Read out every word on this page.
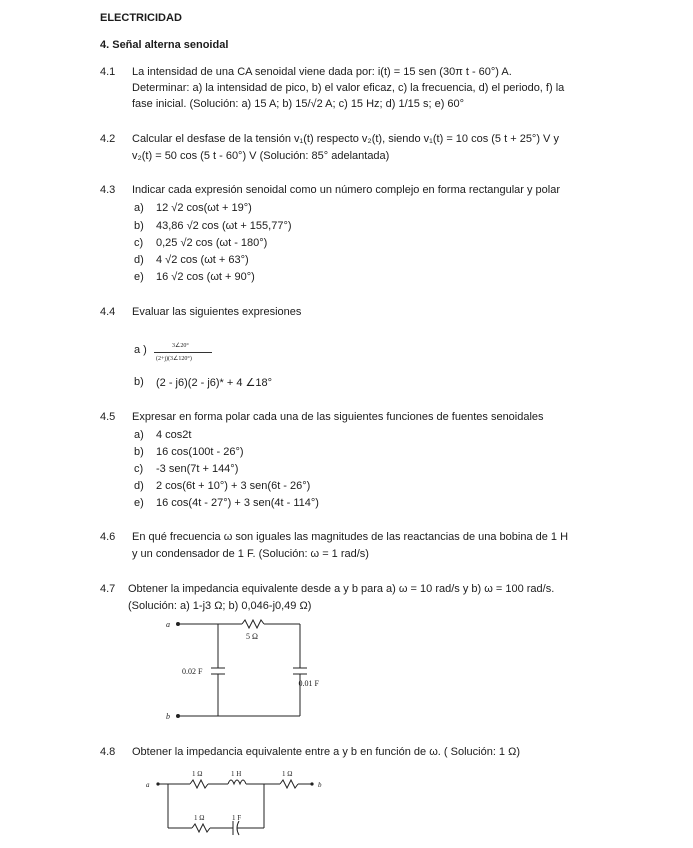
ELECTRICIDAD
4. Señal alterna senoidal
4.1 La intensidad de una CA senoidal viene dada por: i(t) = 15 sen (30π t - 60°) A.
Determinar: a) la intensidad de pico, b) el valor eficaz, c) la frecuencia, d) el periodo, f) la
fase inicial. (Solución: a) 15 A; b) 15/√2 A; c) 15 Hz; d) 1/15 s; e) 60°
4.2 Calcular el desfase de la tensión v₁(t) respecto v₂(t), siendo v₁(t) = 10 cos (5 t + 25°) V y
v₂(t) = 50 cos (5 t - 60°) V (Solución: 85° adelantada)
4.3 Indicar cada expresión senoidal como un número complejo en forma rectangular y polar
a) 12 √2 cos(ωt + 19°)
b) 43,86 √2 cos (ωt + 155,77°)
c) 0,25 √2 cos (ωt - 180°)
d) 4 √2 cos (ωt + 63°)
e) 16 √2 cos (ωt + 90°)
4.4 Evaluar las siguientes expresiones
a )	3∠20°
(2+j)(3∠120°)
b) (2 - j6)(2 - j6)* + 4 ∠18°
4.5 Expresar en forma polar cada una de las siguientes funciones de fuentes senoidales
a) 4 cos2t
b) 16 cos(100t - 26°)
c) -3 sen(7t + 144°)
d) 2 cos(6t + 10°) + 3 sen(6t - 26°)
e) 16 cos(4t - 27°) + 3 sen(4t - 114°)
4.6 En qué frecuencia ω son iguales las magnitudes de las reactancias de una bobina de 1 H
y un condensador de 1 F. (Solución: ω = 1 rad/s)
4.7 Obtener la impedancia equivalente desde a y b para a) ω = 10 rad/s y b) ω = 100 rad/s.
(Solución: a) 1-j3 Ω; b) 0,046-j0,49 Ω)
a
b
5 Ω
0.02 F
0.01 F
4.8 Obtener la impedancia equivalente entre a y b en función de ω. ( Solución: 1 Ω)
a	b
1 Ω	1 H	1 Ω
1 Ω	1 F
